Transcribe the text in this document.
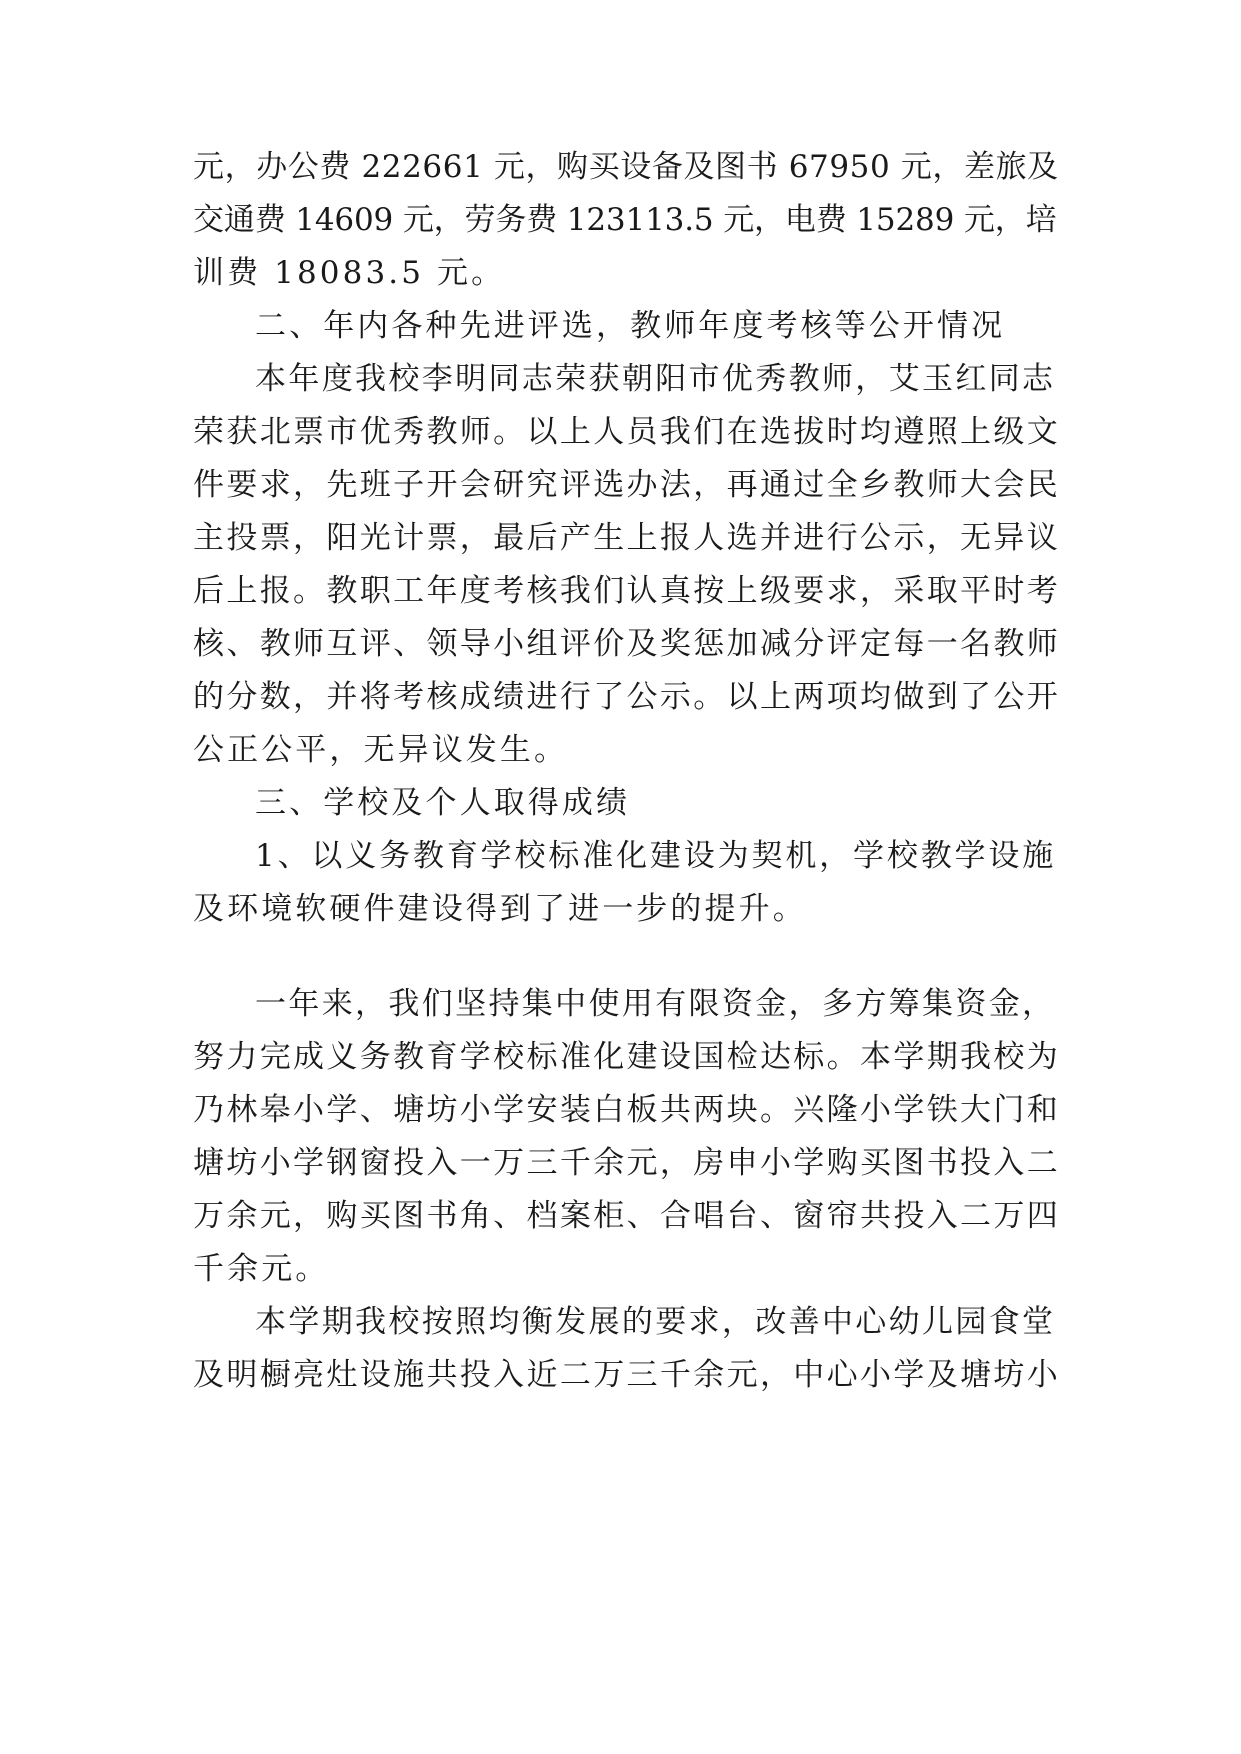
元，办公费 222661 元，购买设备及图书 67950 元，差旅及
交通费 14609 元，劳务费 123113.5 元，电费 15289 元，培
训费 18083.5 元。
二、年内各种先进评选，教师年度考核等公开情况
本年度我校李明同志荣获朝阳市优秀教师，艾玉红同志
荣获北票市优秀教师。以上人员我们在选拔时均遵照上级文
件要求，先班子开会研究评选办法，再通过全乡教师大会民
主投票，阳光计票，最后产生上报人选并进行公示，无异议
后上报。教职工年度考核我们认真按上级要求，采取平时考
核、教师互评、领导小组评价及奖惩加减分评定每一名教师
的分数，并将考核成绩进行了公示。以上两项均做到了公开
公正公平，无异议发生。
三、学校及个人取得成绩
1、以义务教育学校标准化建设为契机，学校教学设施
及环境软硬件建设得到了进一步的提升。
一年来，我们坚持集中使用有限资金，多方筹集资金，
努力完成义务教育学校标准化建设国检达标。本学期我校为
乃林皋小学、塘坊小学安装白板共两块。兴隆小学铁大门和
塘坊小学钢窗投入一万三千余元，房申小学购买图书投入二
万余元，购买图书角、档案柜、合唱台、窗帘共投入二万四
千余元。
本学期我校按照均衡发展的要求，改善中心幼儿园食堂
及明橱亮灶设施共投入近二万三千余元，中心小学及塘坊小
